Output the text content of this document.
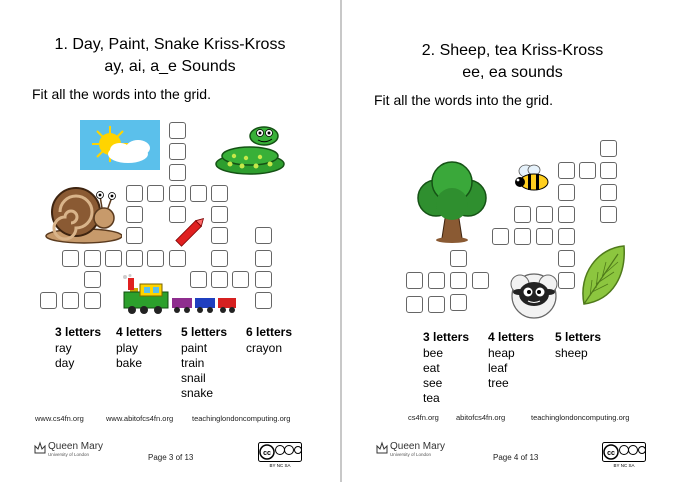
1. Day, Paint, Snake Kriss-Kross
ay, ai, a_e Sounds
Fit all the words into the grid.
3 letters
ray
day
4 letters
play
bake
5 letters
paint
train
snail
snake
6 letters
crayon
www.cs4fn.org	www.abitofcs4fn.org	teachinglondoncomputing.org
Queen Mary
University of London	Page 3 of 13	cc
BY NC SA
2. Sheep, tea Kriss-Kross
ee, ea sounds
Fit all the words into the grid.
3 letters
bee
eat
see
tea
4 letters
heap
leaf
tree
5 letters
sheep
cs4fn.org abitofcs4fn.org	teachinglondoncomputing.org
Queen Mary
University of London	Page 4 of 13	cc
BY NC SA
